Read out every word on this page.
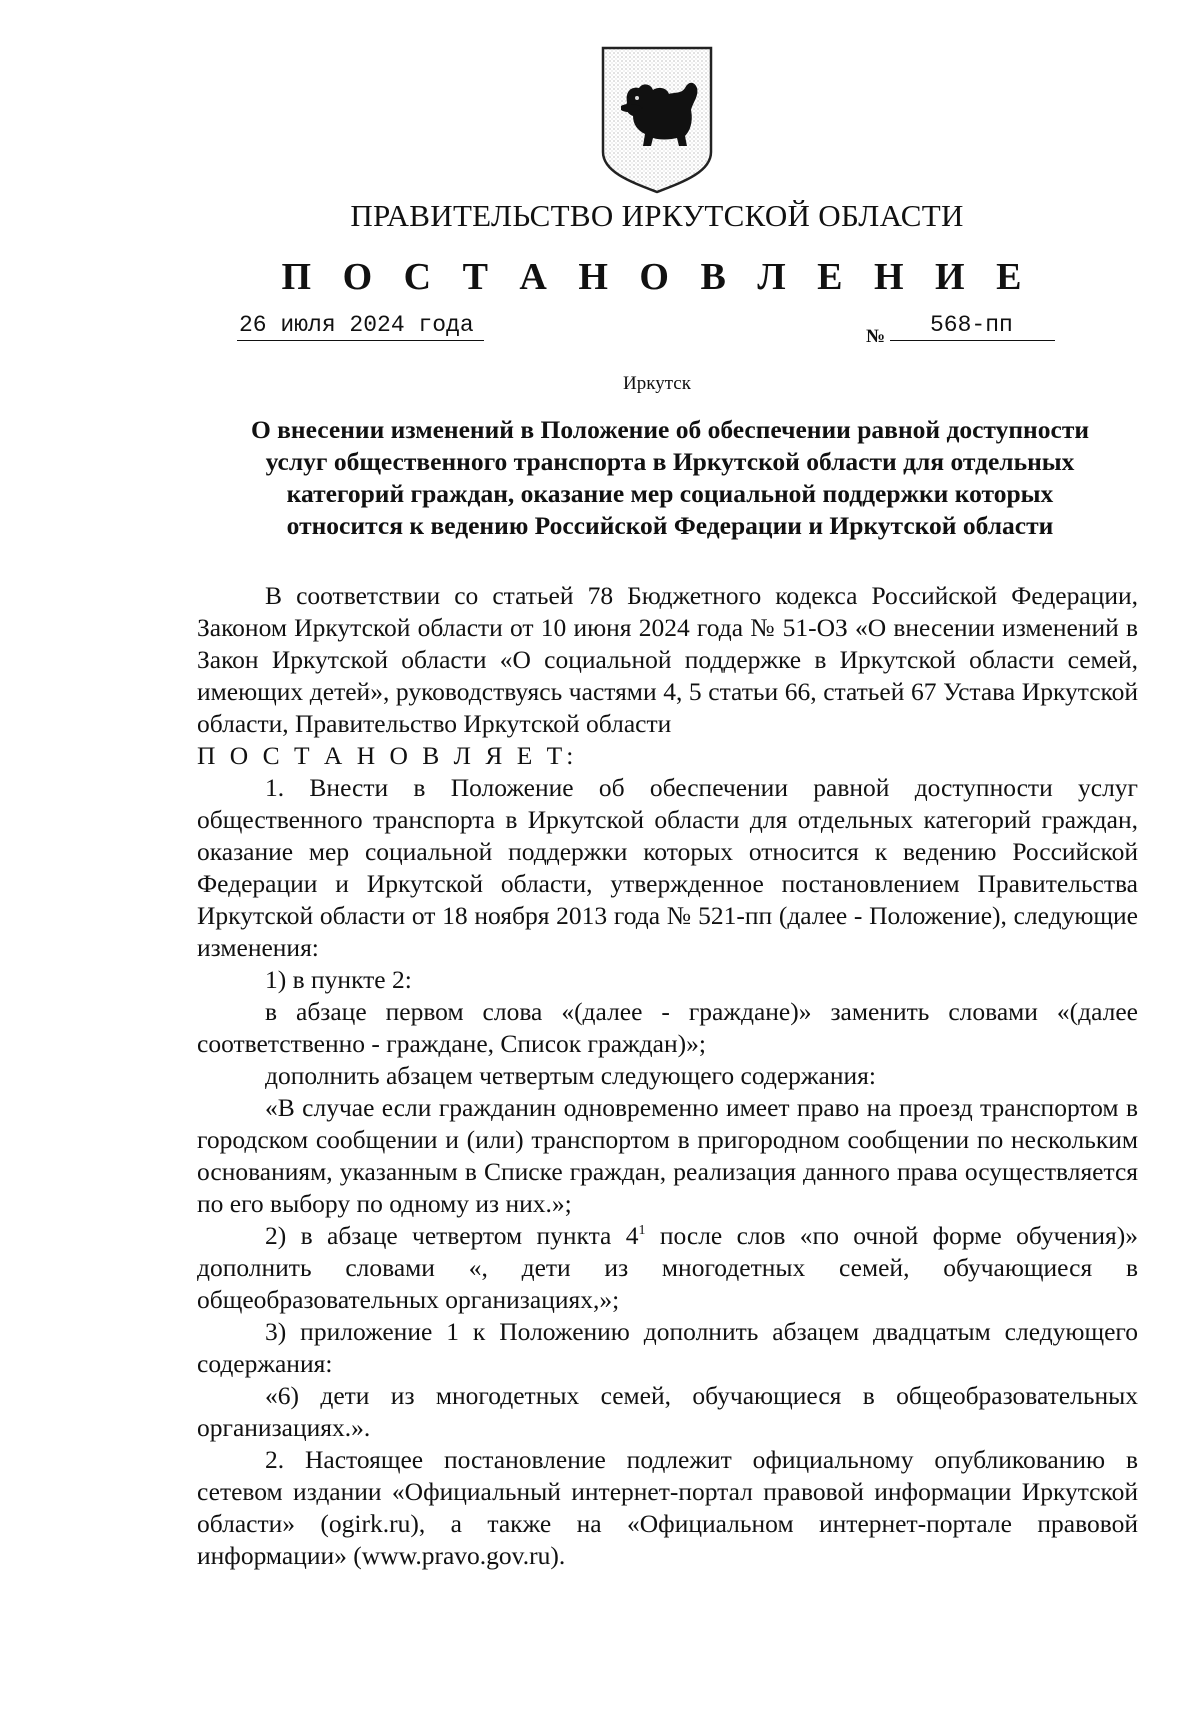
ПРАВИТЕЛЬСТВО ИРКУТСКОЙ ОБЛАСТИ
П О С Т А Н О В Л Е Н И Е
26 июля 2024 года	№	568-пп
Иркутск
О внесении изменений в Положение об обеспечении равной доступности
услуг общественного транспорта в Иркутской области для отдельных
категорий граждан, оказание мер социальной поддержки которых
относится к ведению Российской Федерации и Иркутской области

В соответствии со статьей 78 Бюджетного кодекса Российской Федерации, Законом Иркутской области от 10 июня 2024 года № 51-ОЗ «О внесении изменений в Закон Иркутской области «О социальной поддержке в Иркутской области семей, имеющих детей», руководствуясь частями 4, 5 статьи 66, статьей 67 Устава Иркутской области, Правительство Иркутской области

П О С Т А Н О В Л Я Е Т:

1. Внести в Положение об обеспечении равной доступности услуг общественного транспорта в Иркутской области для отдельных категорий граждан, оказание мер социальной поддержки которых относится к ведению Российской Федерации и Иркутской области, утвержденное постановлением Правительства Иркутской области от 18 ноября 2013 года № 521-пп (далее - Положение), следующие изменения:

1) в пункте 2:

в абзаце первом слова «(далее - граждане)» заменить словами «(далее соответственно - граждане, Список граждан)»;

дополнить абзацем четвертым следующего содержания:

«В случае если гражданин одновременно имеет право на проезд транспортом в городском сообщении и (или) транспортом в пригородном сообщении по нескольким основаниям, указанным в Списке граждан, реализация данного права осуществляется по его выбору по одному из них.»;

2) в абзаце четвертом пункта $4^1$ после слов «по очной форме обучения)» дополнить словами «, дети из многодетных семей, обучающиеся в общеобразовательных организациях,»;

3) приложение 1 к Положению дополнить абзацем двадцатым следующего содержания:

«6) дети из многодетных семей, обучающиеся в общеобразовательных организациях.».

2. Настоящее постановление подлежит официальному опубликованию в сетевом издании «Официальный интернет-портал правовой информации Иркутской области» (ogirk.ru), а также на «Официальном интернет-портале правовой информации» (www.pravo.gov.ru).
